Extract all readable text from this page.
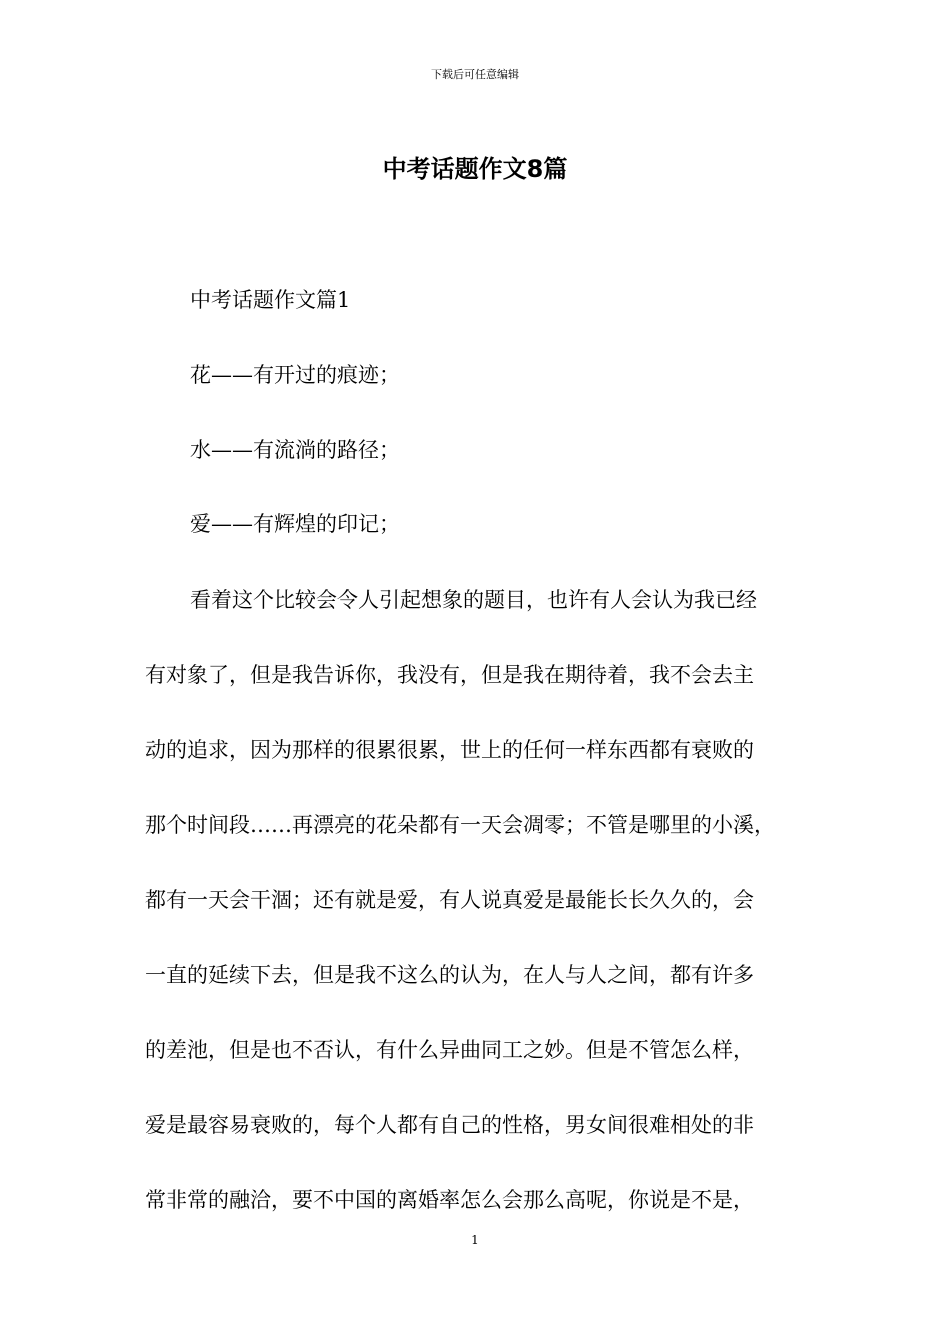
下载后可任意编辑
中考话题作文8篇
中考话题作文篇1
花——有开过的痕迹；
水——有流淌的路径；
爱——有辉煌的印记；
看着这个比较会令人引起想象的题目，也许有人会认为我已经
有对象了，但是我告诉你，我没有，但是我在期待着，我不会去主
动的追求，因为那样的很累很累，世上的任何一样东西都有衰败的
那个时间段……再漂亮的花朵都有一天会凋零；不管是哪里的小溪，
都有一天会干涸；还有就是爱，有人说真爱是最能长长久久的，会
一直的延续下去，但是我不这么的认为，在人与人之间，都有许多
的差池，但是也不否认，有什么异曲同工之妙。但是不管怎么样，
爱是最容易衰败的，每个人都有自己的性格，男女间很难相处的非
常非常的融洽，要不中国的离婚率怎么会那么高呢，你说是不是，
1
